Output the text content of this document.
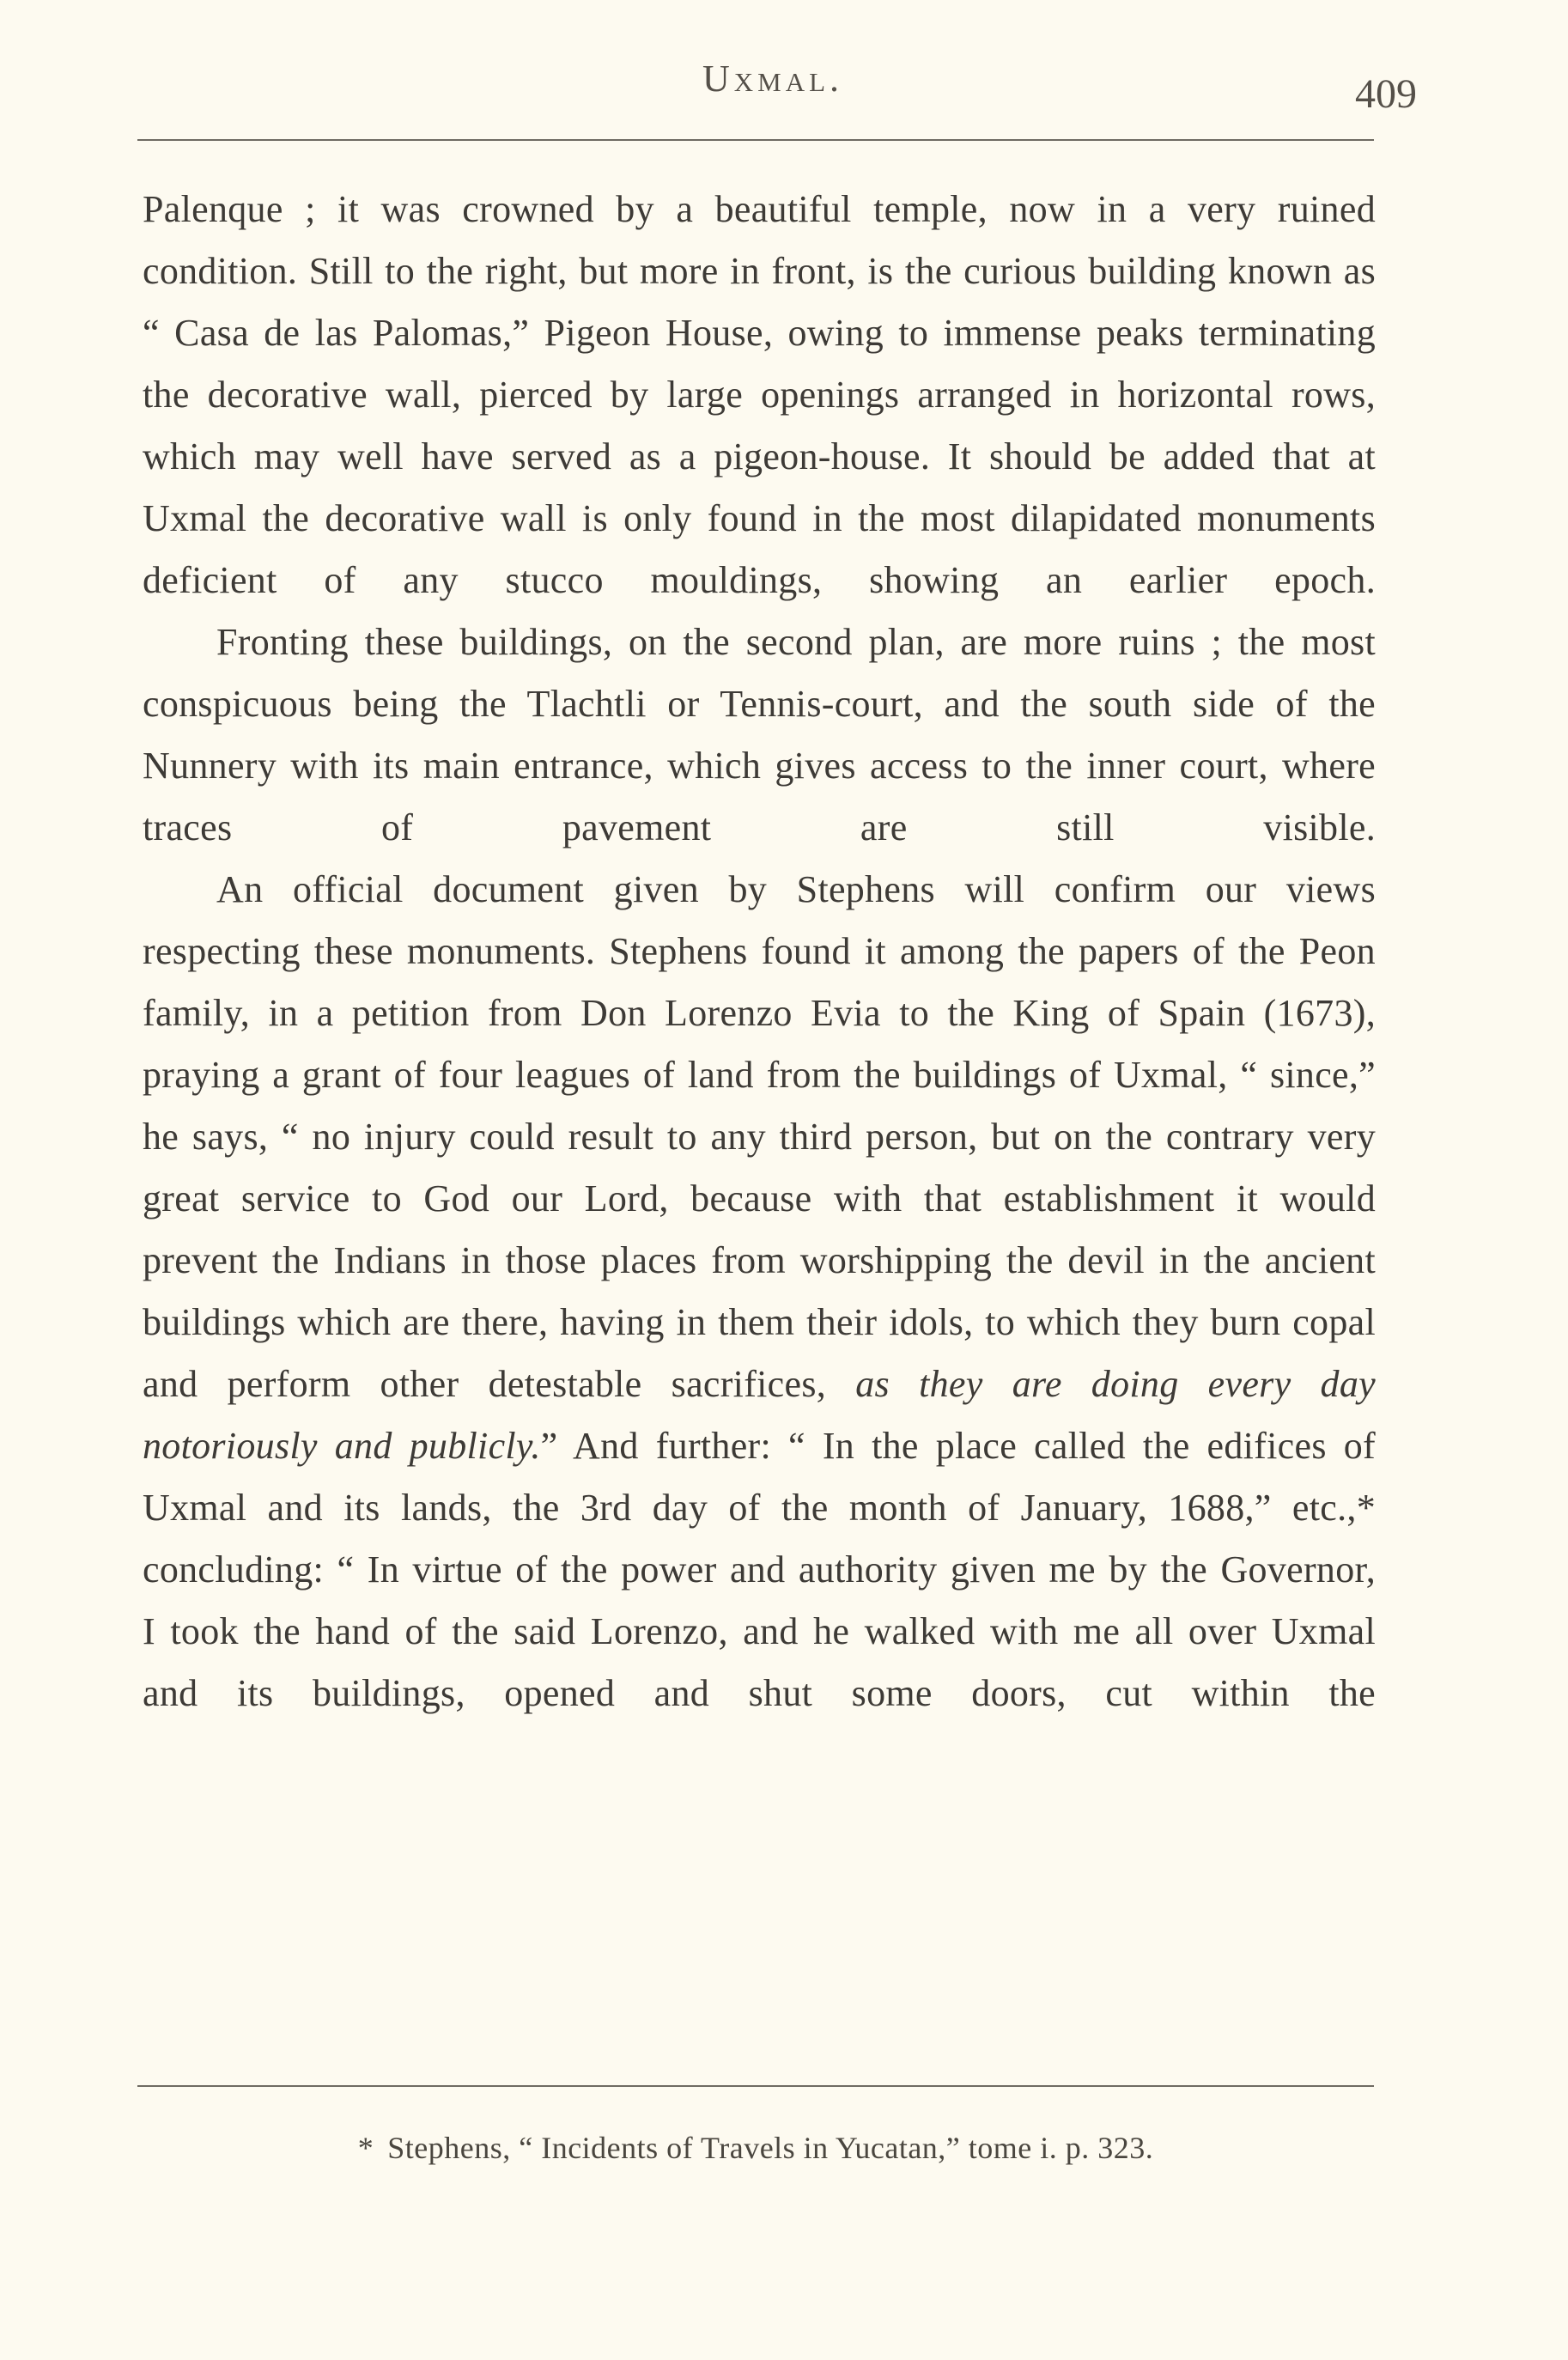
Uxmal.	409

Palenque ; it was crowned by a beautiful temple, now in a very ruined condition. Still to the right, but more in front, is the curious building known as “ Casa de las Palomas,” Pigeon House, owing to immense peaks terminating the decorative wall, pierced by large openings arranged in horizontal rows, which may well have served as a pigeon-house. It should be added that at Uxmal the decorative wall is only found in the most dilapidated monuments deficient of any stucco mouldings, showing an earlier epoch.

Fronting these buildings, on the second plan, are more ruins ; the most conspicuous being the Tlachtli or Tennis-court, and the south side of the Nunnery with its main entrance, which gives access to the inner court, where traces of pavement are still visible.

An official document given by Stephens will confirm our views respecting these monuments. Stephens found it among the papers of the Peon family, in a petition from Don Lorenzo Evia to the King of Spain (1673), praying a grant of four leagues of land from the buildings of Uxmal, “ since,” he says, “ no injury could result to any third person, but on the contrary very great service to God our Lord, because with that establishment it would prevent the Indians in those places from worshipping the devil in the ancient buildings which are there, having in them their idols, to which they burn copal and perform other detestable sacrifices, as they are doing every day notoriously and publicly.” And further: “ In the place called the edifices of Uxmal and its lands, the 3rd day of the month of January, 1688,” etc.,* concluding: “ In virtue of the power and authority given me by the Governor, I took the hand of the said Lorenzo, and he walked with me all over Uxmal and its buildings, opened and shut some doors, cut within the

* Stephens, “ Incidents of Travels in Yucatan,” tome i. p. 323.
